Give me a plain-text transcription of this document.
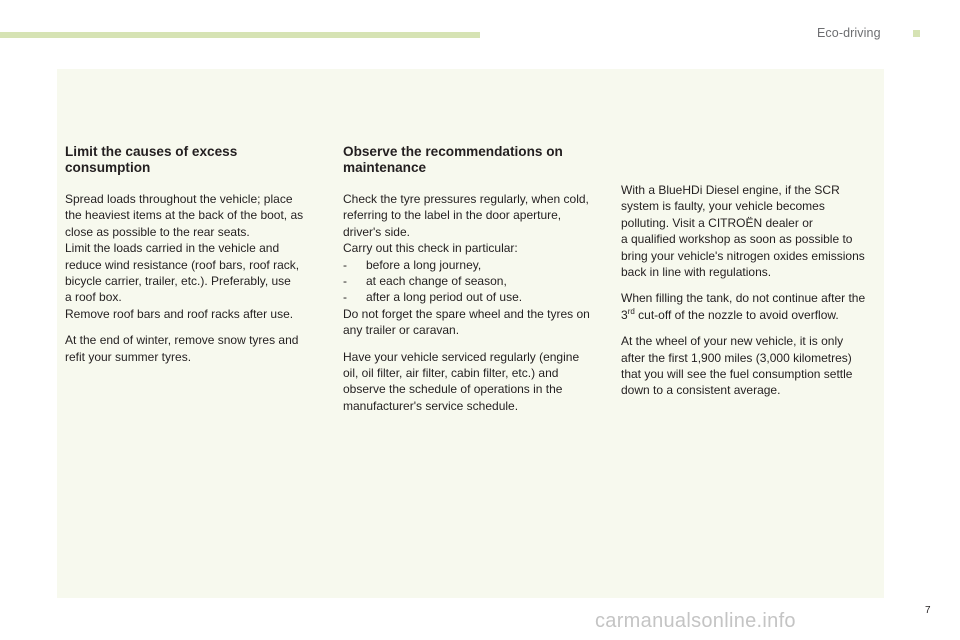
Eco-driving
Limit the causes of excess consumption

Spread loads throughout the vehicle; place
the heaviest items at the back of the boot, as
close as possible to the rear seats.
Limit the loads carried in the vehicle and
reduce wind resistance (roof bars, roof rack,
bicycle carrier, trailer, etc.). Preferably, use
a roof box.
Remove roof bars and roof racks after use.

At the end of winter, remove snow tyres and
refit your summer tyres.

Observe the recommendations on maintenance

Check the tyre pressures regularly, when cold,
referring to the label in the door aperture,
driver's side.
Carry out this check in particular:
- before a long journey,
- at each change of season,
- after a long period out of use.
Do not forget the spare wheel and the tyres on
any trailer or caravan.

Have your vehicle serviced regularly (engine
oil, oil filter, air filter, cabin filter, etc.) and
observe the schedule of operations in the
manufacturer's service schedule.

With a BlueHDi Diesel engine, if the SCR
system is faulty, your vehicle becomes
polluting. Visit a CITROËN dealer or
a qualified workshop as soon as possible to
bring your vehicle's nitrogen oxides emissions
back in line with regulations.

When filling the tank, do not continue after the
3rd cut-off of the nozzle to avoid overflow.

At the wheel of your new vehicle, it is only
after the first 1,900 miles (3,000 kilometres)
that you will see the fuel consumption settle
down to a consistent average.

7
carmanualsonline.info
